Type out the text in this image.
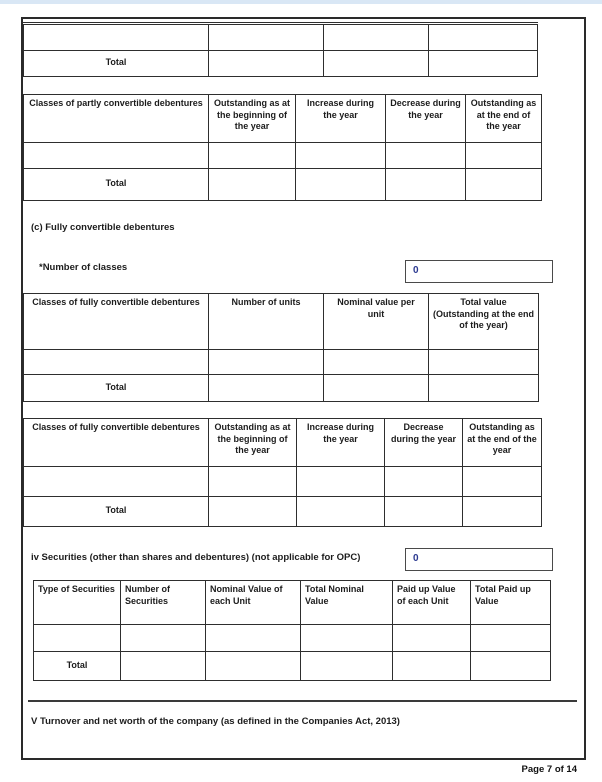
Total			
Classes of partly convertible debentures	Outstanding as at the beginning of the year	Increase during the year	Decrease during the year	Outstanding as at the end of the year

Total				
(c) Fully convertible debentures
*Number of classes	0
Classes of fully convertible debentures	Number of units	Nominal value per unit	Total value (Outstanding at the end of the year)

Total			
Classes of fully convertible debentures	Outstanding as at the beginning of the year	Increase during the year	Decrease during the year	Outstanding as at the end of the year

Total				
iv Securities (other than shares and debentures) (not applicable for OPC)	0
Type of Securities	Number of Securities	Nominal Value of each Unit	Total Nominal Value	Paid up Value of each Unit	Total Paid up Value

Total					
V Turnover and net worth of the company (as defined in the Companies Act, 2013)
Page 7 of 14
